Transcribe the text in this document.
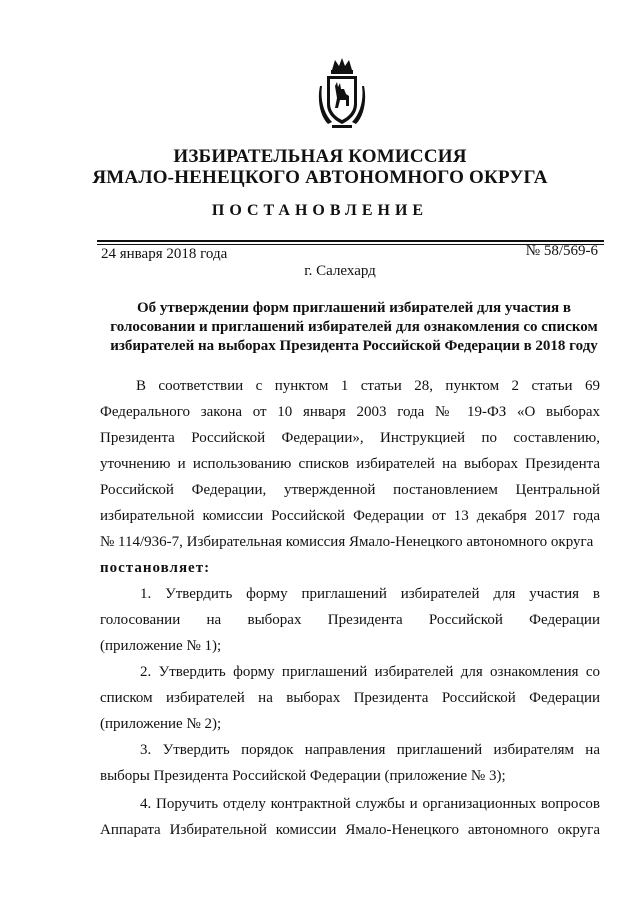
ИЗБИРАТЕЛЬНАЯ КОМИССИЯ
ЯМАЛО-НЕНЕЦКОГО АВТОНОМНОГО ОКРУГА
ПОСТАНОВЛЕНИЕ
24 января 2018 года	№ 58/569-6
г. Салехард
Об утверждении форм приглашений избирателей для участия в
голосовании и приглашений избирателей для ознакомления со списком
избирателей на выборах Президента Российской Федерации в 2018 году
В соответствии с пунктом 1 статьи 28, пунктом 2 статьи 69
Федерального закона от 10 января 2003 года № 19-ФЗ «О выборах
Президента Российской Федерации», Инструкцией по составлению,
уточнению и использованию списков избирателей на выборах Президента
Российской Федерации, утвержденной постановлением Центральной
избирательной комиссии Российской Федерации от 13 декабря 2017 года
№ 114/936-7, Избирательная комиссия Ямало-Ненецкого автономного округа
постановляет:
1. Утвердить форму приглашений избирателей для участия в
голосовании на выборах Президента Российской Федерации
(приложение № 1);
2. Утвердить форму приглашений избирателей для ознакомления со
списком избирателей на выборах Президента Российской Федерации
(приложение № 2);
3. Утвердить порядок направления приглашений избирателям на
выборы Президента Российской Федерации (приложение № 3);
4. Поручить отделу контрактной службы и организационных вопросов
Аппарата Избирательной комиссии Ямало-Ненецкого автономного округа
